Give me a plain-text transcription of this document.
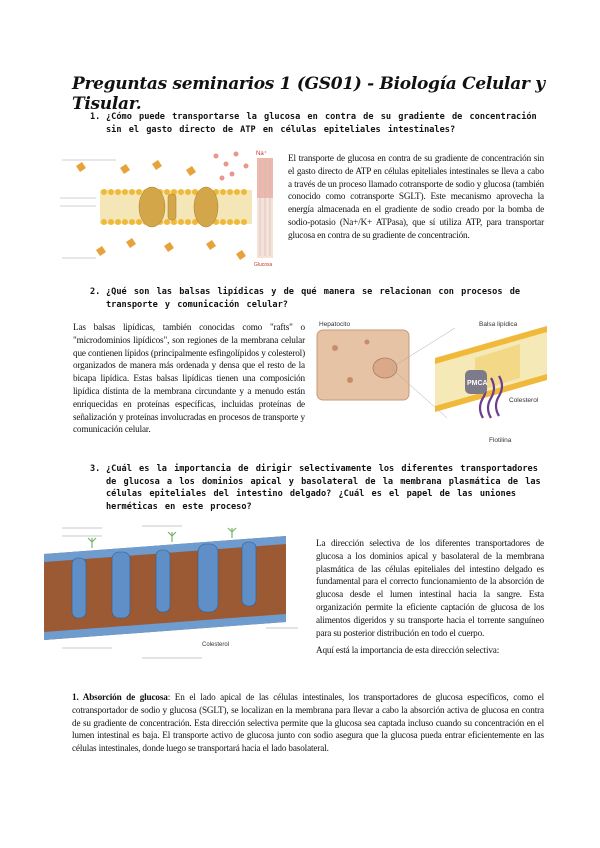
Preguntas seminarios 1 (GS01) - Biología Celular y Tisular.
1. ¿Cómo puede transportarse la glucosa en contra de su gradiente de concentración sin el gasto directo de ATP en células epiteliales intestinales?
Na⁺
Glucosa
El transporte de glucosa en contra de su gradiente de concentración sin el gasto directo de ATP en células epiteliales intestinales se lleva a cabo a través de un proceso llamado cotransporte de sodio y glucosa (también conocido como cotransporte SGLT). Este mecanismo aprovecha la energía almacenada en el gradiente de sodio creado por la bomba de sodio-potasio (Na+/K+ ATPasa), que sí utiliza ATP, para transportar glucosa en contra de su gradiente de concentración.
2. ¿Qué son las balsas lipídicas y de qué manera se relacionan con procesos de transporte y comunicación celular?
Las balsas lipídicas, también conocidas como "rafts" o "microdominios lipídicos", son regiones de la membrana celular que contienen lípidos (principalmente esfingolípidos y colesterol) organizados de manera más ordenada y densa que el resto de la bicapa lipídica. Estas balsas lipídicas tienen una composición lipídica distinta de la membrana circundante y a menudo están enriquecidas en proteínas específicas, incluidas proteínas de señalización y proteínas involucradas en procesos de transporte y comunicación celular.
PMCA
Hepatocito	Balsa lipídica
Colesterol
Flotilina
3. ¿Cuál es la importancia de dirigir selectivamente los diferentes transportadores de glucosa a los dominios apical y basolateral de la membrana plasmática de las células epiteliales del intestino delgado? ¿Cuál es el papel de las uniones herméticas en este proceso?
Colesterol
La dirección selectiva de los diferentes transportadores de glucosa a los dominios apical y basolateral de la membrana plasmática de las células epiteliales del intestino delgado es fundamental para el correcto funcionamiento de la absorción de glucosa desde el lumen intestinal hacia la sangre. Esta organización permite la eficiente captación de glucosa de los alimentos digeridos y su transporte hacia el torrente sanguíneo para su posterior distribución en todo el cuerpo.
Aquí está la importancia de esta dirección selectiva:
1. Absorción de glucosa: En el lado apical de las células intestinales, los transportadores de glucosa específicos, como el cotransportador de sodio y glucosa (SGLT), se localizan en la membrana para llevar a cabo la absorción activa de glucosa en contra de su gradiente de concentración. Esta dirección selectiva permite que la glucosa sea captada incluso cuando su concentración en el lumen intestinal es baja. El transporte activo de glucosa junto con sodio asegura que la glucosa pueda entrar eficientemente en las células intestinales, donde luego se transportará hacia el lado basolateral.
